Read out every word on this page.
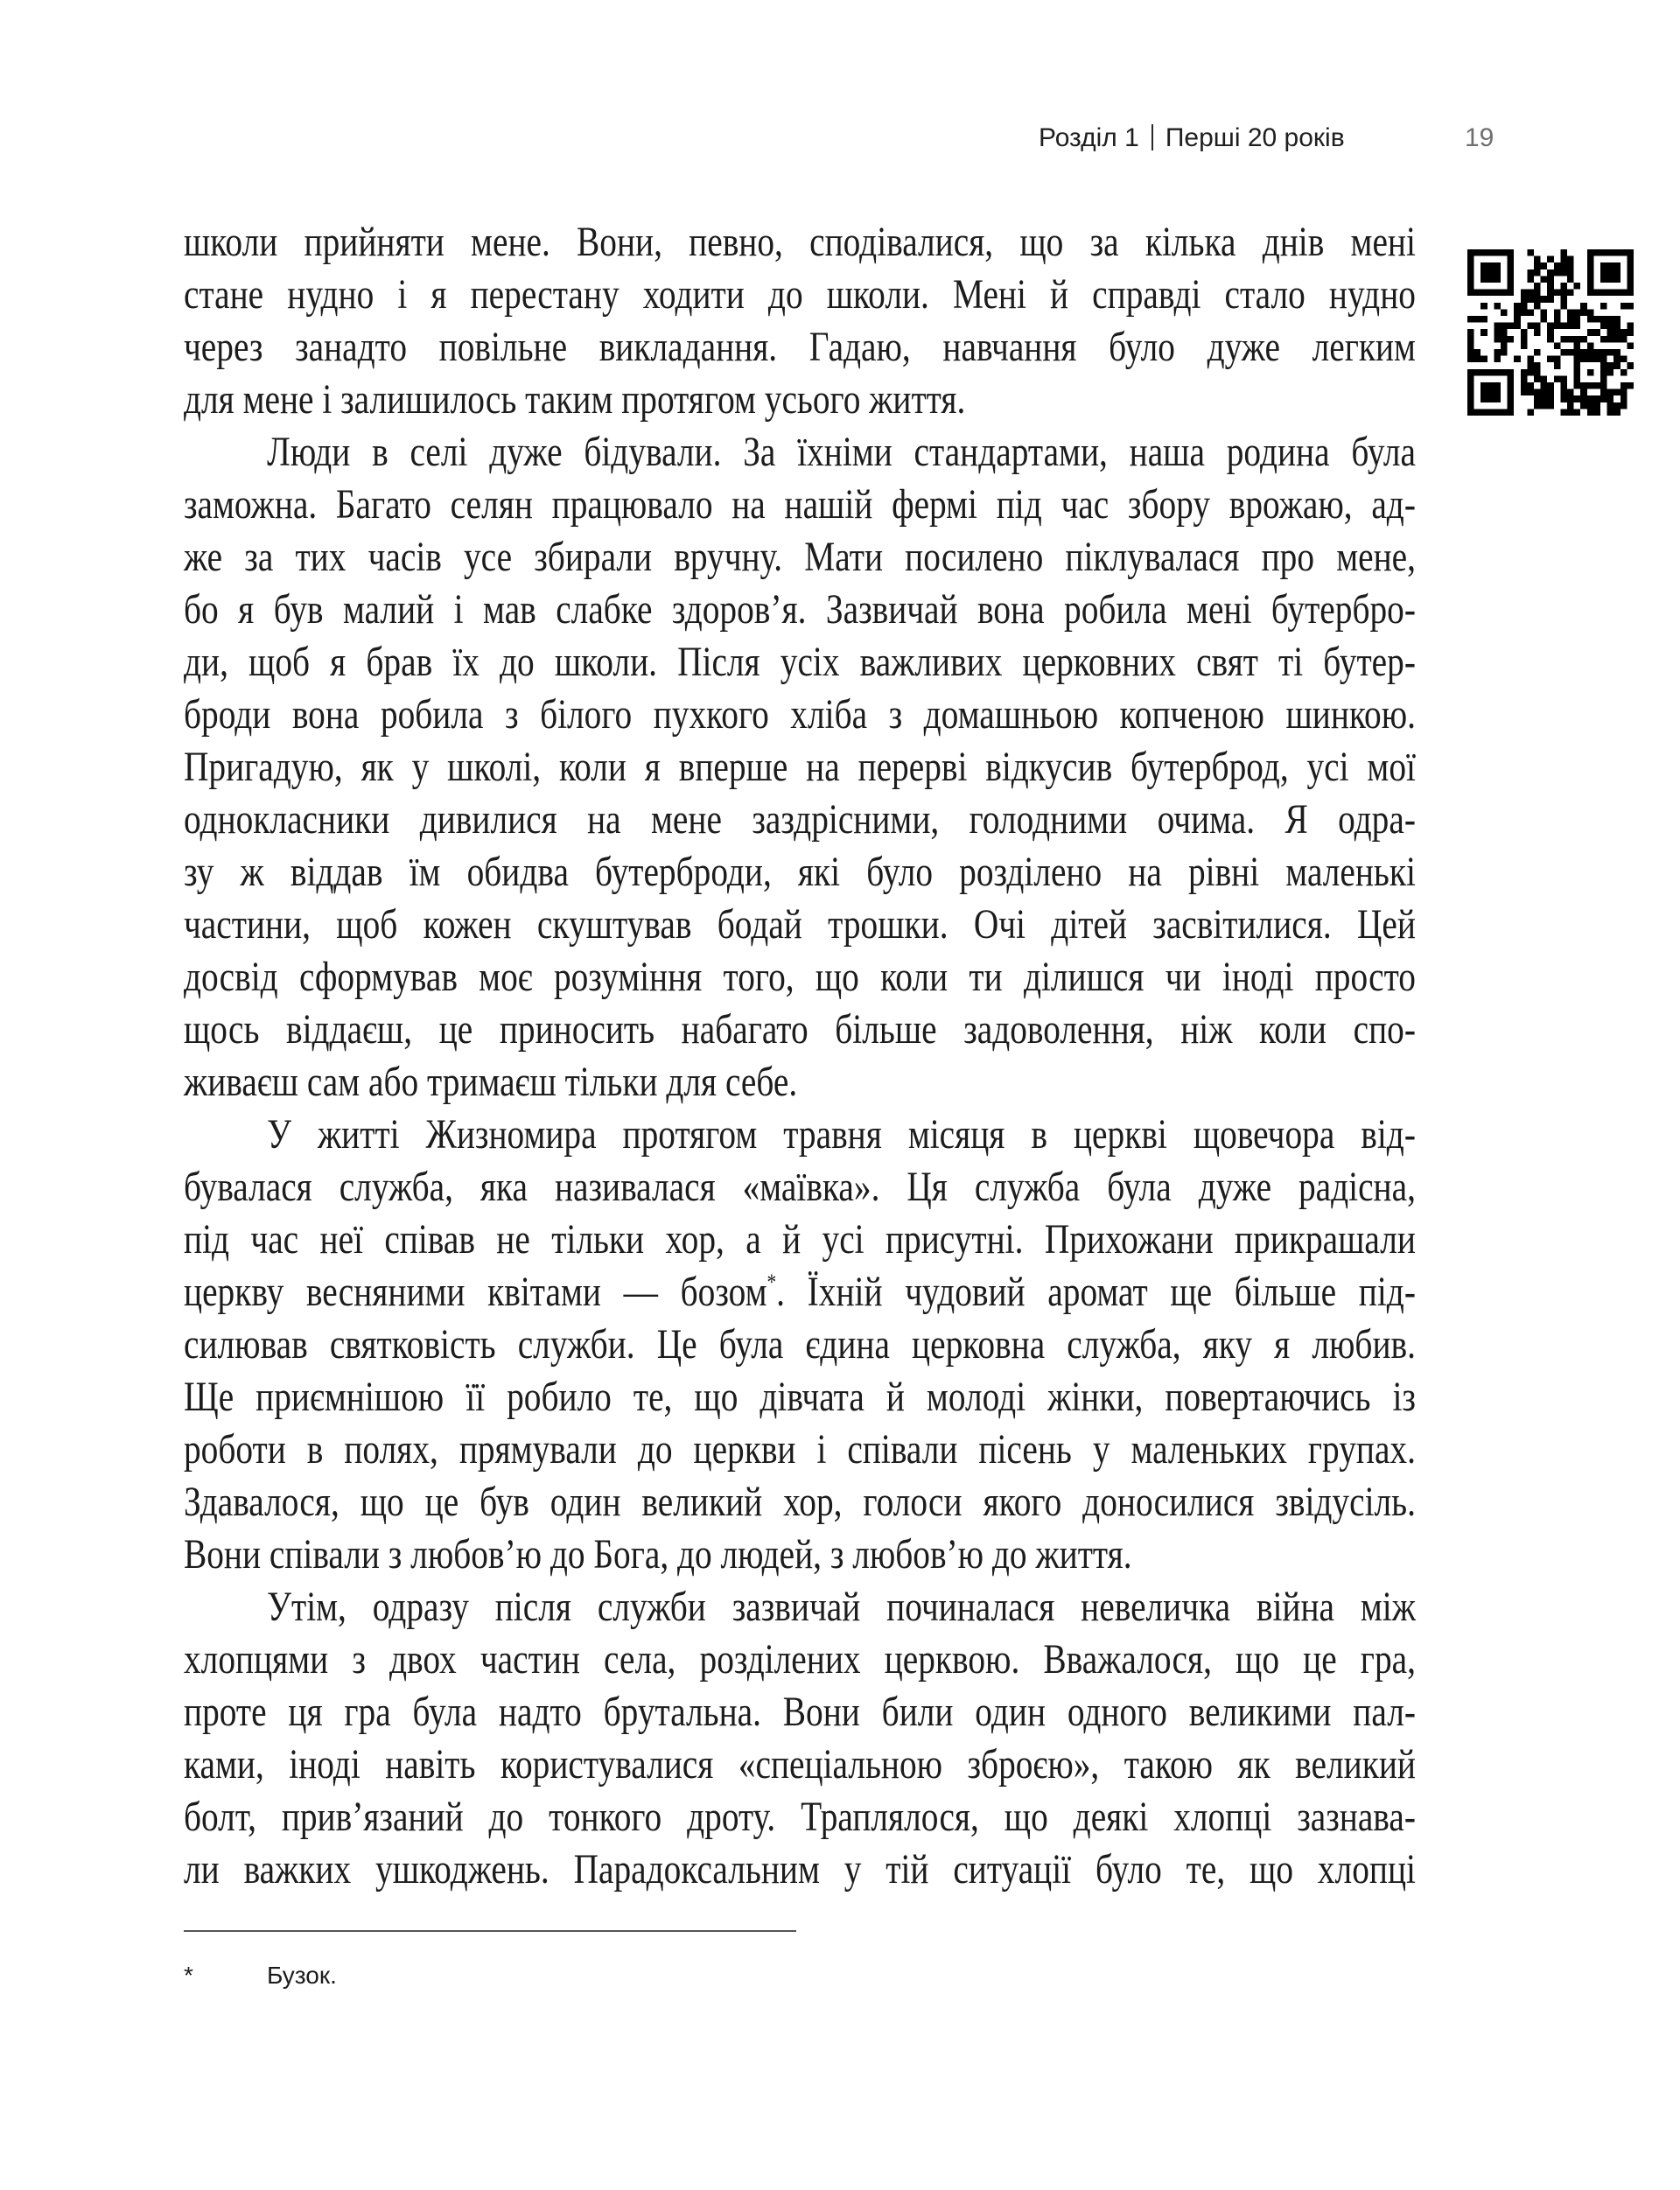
Розділ 1 Перші 20 років	19
школи прийняти мене. Вони, певно, сподівалися, що за кілька днів мені
стане нудно і я перестану ходити до школи. Мені й справді стало нудно
через занадто повільне викладання. Гадаю, навчання було дуже легким
для мене і залишилось таким протягом усього життя.
Люди в селі дуже бідували. За їхніми стандартами, наша родина була
заможна. Багато селян працювало на нашій фермі під час збору врожаю, ад-
же за тих часів усе збирали вручну. Мати посилено піклувалася про мене,
бо я був малий і мав слабке здоров’я. Зазвичай вона робила мені бутербро-
ди, щоб я брав їх до школи. Після усіх важливих церковних свят ті бутер-
броди вона робила з білого пухкого хліба з домашньою копченою шинкою.
Пригадую, як у школі, коли я вперше на перерві відкусив бутерброд, усі мої
однокласники дивилися на мене заздрісними, голодними очима. Я одра-
зу ж віддав їм обидва бутерброди, які було розділено на рівні маленькі
частини, щоб кожен скуштував бодай трошки. Очі дітей засвітилися. Цей
досвід сформував моє розуміння того, що коли ти ділишся чи іноді просто
щось віддаєш, це приносить набагато більше задоволення, ніж коли спо-
живаєш сам або тримаєш тільки для себе.
У житті Жизномира протягом травня місяця в церкві щовечора від-
бувалася служба, яка називалася «маївка». Ця служба була дуже радісна,
під час неї співав не тільки хор, а й усі присутні. Прихожани прикрашали
церкву весняними квітами — бозом*. Їхній чудовий аромат ще більше під-
силював святковість служби. Це була єдина церковна служба, яку я любив.
Ще приємнішою її робило те, що дівчата й молоді жінки, повертаючись із
роботи в полях, прямували до церкви і співали пісень у маленьких групах.
Здавалося, що це був один великий хор, голоси якого доносилися звідусіль.
Вони співали з любов’ю до Бога, до людей, з любов’ю до життя.
Утім, одразу після служби зазвичай починалася невеличка війна між
хлопцями з двох частин села, розділених церквою. Вважалося, що це гра,
проте ця гра була надто брутальна. Вони били один одного великими пал-
ками, іноді навіть користувалися «спеціальною зброєю», такою як великий
болт, прив’язаний до тонкого дроту. Траплялося, що деякі хлопці зазнава-
ли важких ушкоджень. Парадоксальним у тій ситуації було те, що хлопці
*	Бузок.
